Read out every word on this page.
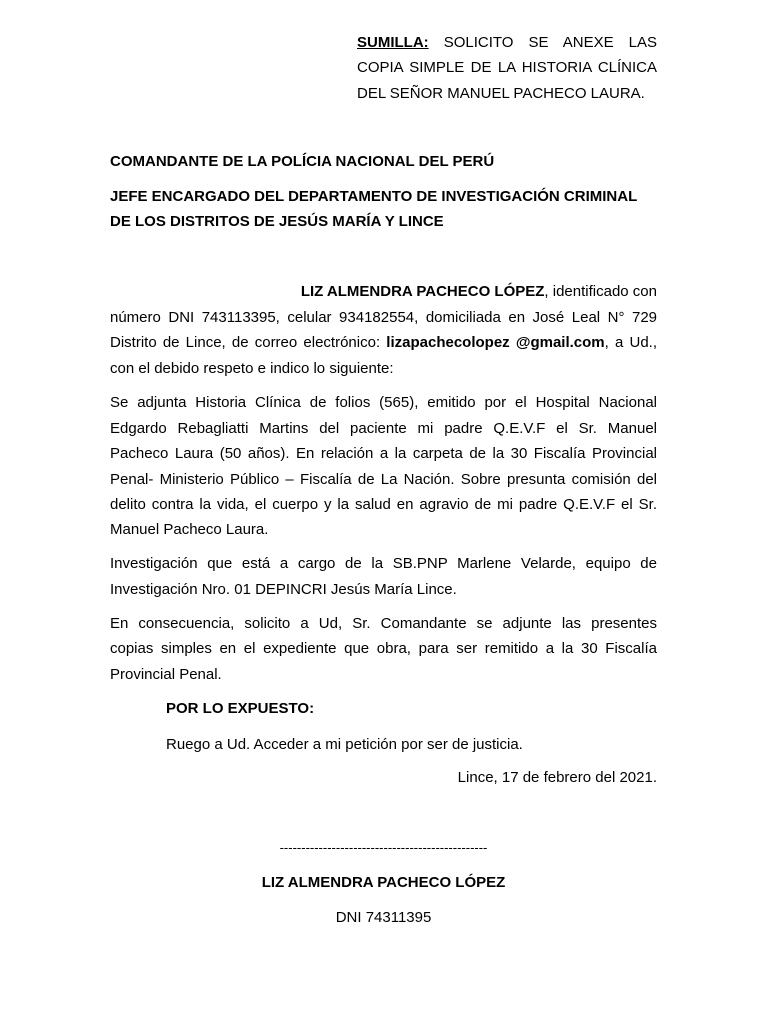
SUMILLA: SOLICITO SE ANEXE LAS
COPIA SIMPLE DE LA HISTORIA CLÍNICA
DEL SEÑOR MANUEL PACHECO LAURA.
COMANDANTE DE LA POLÍCIA NACIONAL DEL PERÚ
JEFE ENCARGADO DEL DEPARTAMENTO DE INVESTIGACIÓN CRIMINAL
DE LOS DISTRITOS DE JESÚS MARÍA Y LINCE
LIZ ALMENDRA PACHECO LÓPEZ, identificado con
número DNI 743113395, celular 934182554, domiciliada en José Leal N° 729
Distrito de Lince, de correo electrónico: lizapachecolopez @gmail.com, a Ud.,
con el debido respeto e indico lo siguiente:
Se adjunta Historia Clínica de folios (565), emitido por el Hospital Nacional
Edgardo Rebagliatti Martins del paciente mi padre Q.E.V.F el Sr. Manuel
Pacheco Laura (50 años). En relación a la carpeta de la 30 Fiscalía Provincial
Penal- Ministerio Público – Fiscalía de La Nación. Sobre presunta comisión del
delito contra la vida, el cuerpo y la salud en agravio de mi padre Q.E.V.F el Sr.
Manuel Pacheco Laura.
Investigación que está a cargo de la SB.PNP Marlene Velarde, equipo de
Investigación Nro. 01 DEPINCRI Jesús María Lince.
En consecuencia, solicito a Ud, Sr. Comandante se adjunte las presentes
copias simples en el expediente que obra, para ser remitido a la 30 Fiscalía
Provincial Penal.
POR LO EXPUESTO:
Ruego a Ud. Acceder a mi petición por ser de justicia.
Lince, 17 de febrero del 2021.
------------------------------------------------
LIZ ALMENDRA PACHECO LÓPEZ
DNI 74311395
